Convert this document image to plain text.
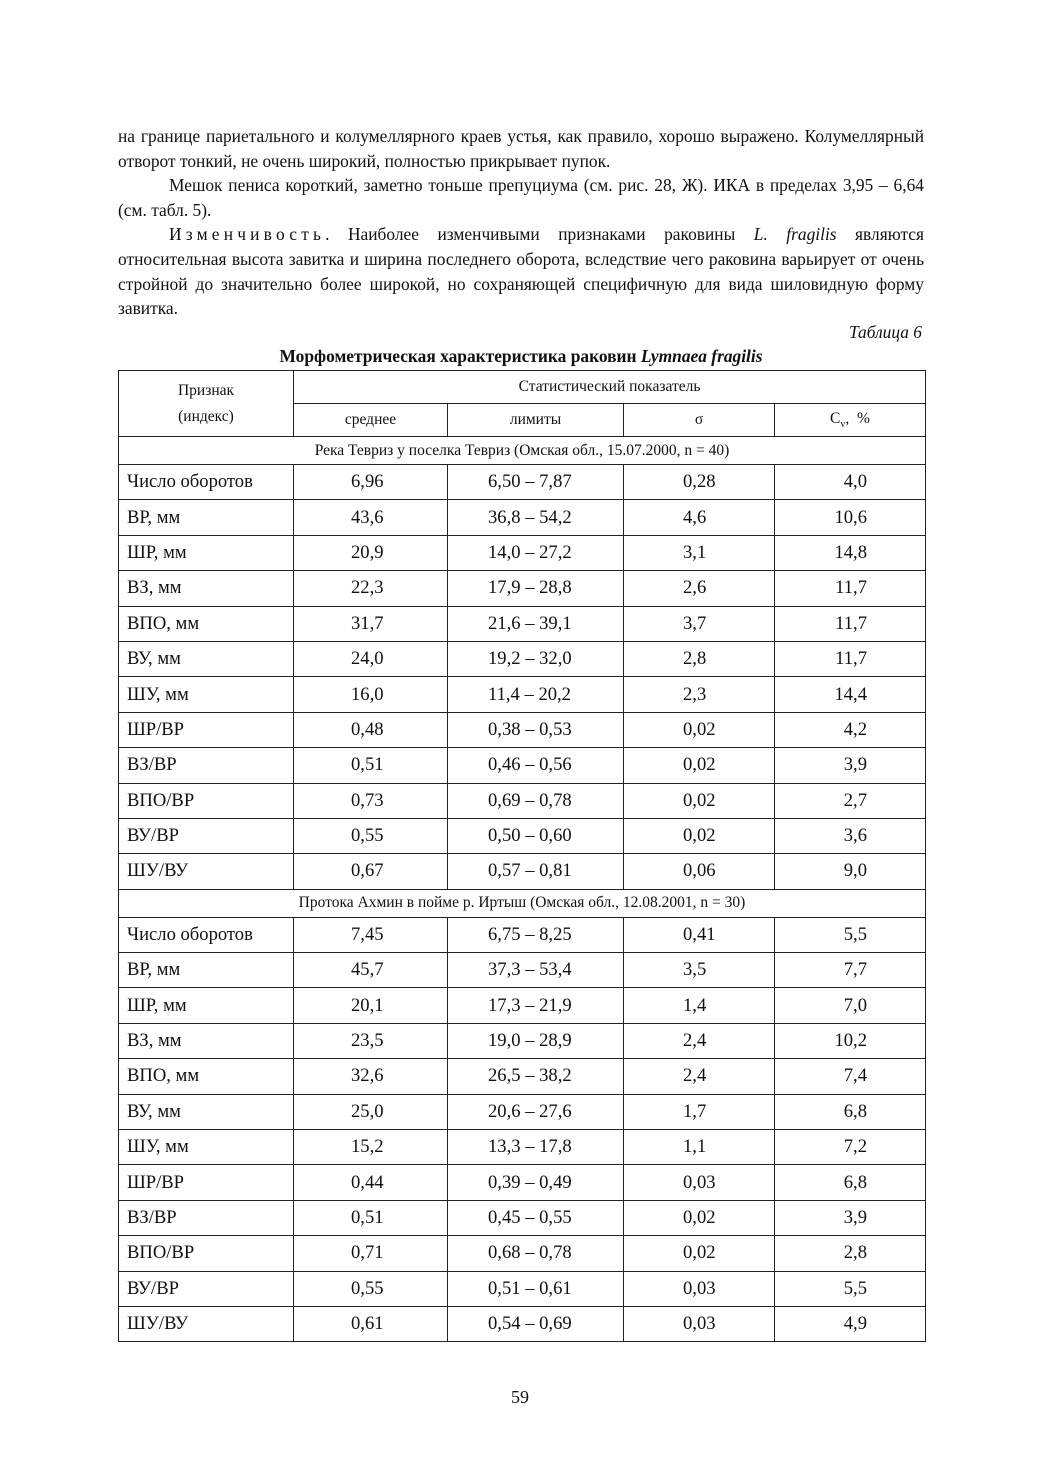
на границе париетального и колумеллярного краев устья, как правило, хорошо выражено. Колумеллярный отворот тонкий, не очень широкий, полностью прикрывает пупок.

Мешок пениса короткий, заметно тоньше препуциума (см. рис. 28, Ж). ИКА в пределах 3,95 – 6,64 (см. табл. 5).

Изменчивость. Наиболее изменчивыми признаками раковины L. fragilis являются относительная высота завитка и ширина последнего оборота, вследствие чего раковина варьирует от очень стройной до значительно более широкой, но сохраняющей специфичную для вида шиловидную форму завитка.

Таблица 6
Морфометрическая характеристика раковин Lymnaea fragilis
Признак
(индекс)	Статистический показатель			
	среднее	лимиты	σ	$C_v$,  %
Река Тевриз у поселка Тевриз (Омская обл., 15.07.2000, n = 40)				
Число оборотов	6,96	6,50 – 7,87	0,28	4,0
ВР, мм	43,6	36,8 – 54,2	4,6	10,6
ШР, мм	20,9	14,0 – 27,2	3,1	14,8
ВЗ, мм	22,3	17,9 – 28,8	2,6	11,7
ВПО, мм	31,7	21,6 – 39,1	3,7	11,7
ВУ, мм	24,0	19,2 – 32,0	2,8	11,7
ШУ, мм	16,0	11,4 – 20,2	2,3	14,4
ШР/ВР	0,48	0,38 – 0,53	0,02	4,2
ВЗ/ВР	0,51	0,46 – 0,56	0,02	3,9
ВПО/ВР	0,73	0,69 – 0,78	0,02	2,7
ВУ/ВР	0,55	0,50 – 0,60	0,02	3,6
ШУ/ВУ	0,67	0,57 – 0,81	0,06	9,0
Протока Ахмин в пойме р. Иртыш (Омская обл., 12.08.2001, n = 30)				
Число оборотов	7,45	6,75 – 8,25	0,41	5,5
ВР, мм	45,7	37,3 – 53,4	3,5	7,7
ШР, мм	20,1	17,3 – 21,9	1,4	7,0
ВЗ, мм	23,5	19,0 – 28,9	2,4	10,2
ВПО, мм	32,6	26,5 – 38,2	2,4	7,4
ВУ, мм	25,0	20,6 – 27,6	1,7	6,8
ШУ, мм	15,2	13,3 – 17,8	1,1	7,2
ШР/ВР	0,44	0,39 – 0,49	0,03	6,8
ВЗ/ВР	0,51	0,45 – 0,55	0,02	3,9
ВПО/ВР	0,71	0,68 – 0,78	0,02	2,8
ВУ/ВР	0,55	0,51 – 0,61	0,03	5,5
ШУ/ВУ	0,61	0,54 – 0,69	0,03	4,9
59
